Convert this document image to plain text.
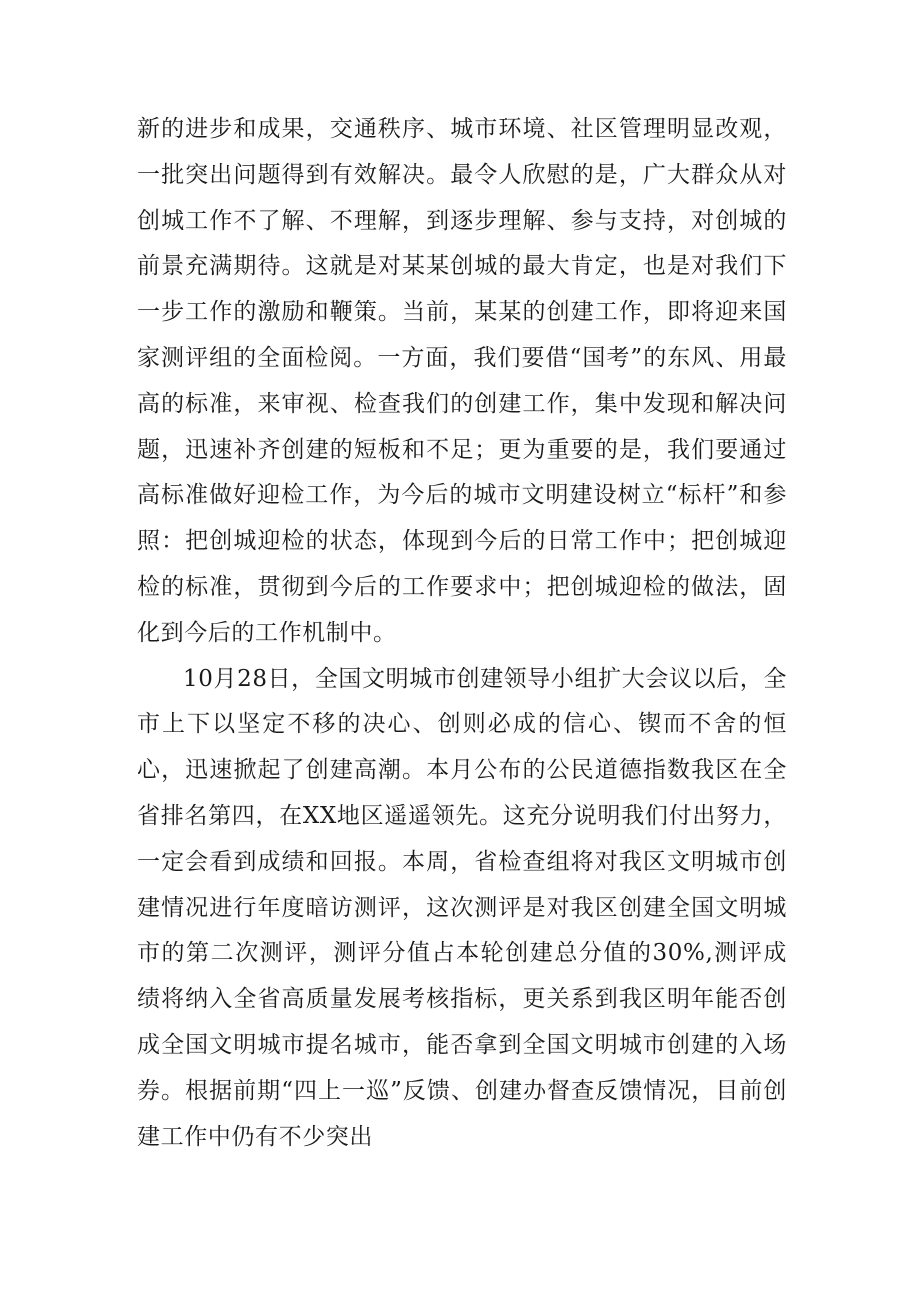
新的进步和成果，交通秩序、城市环境、社区管理明显改观，一批突出问题得到有效解决。最令人欣慰的是，广大群众从对创城工作不了解、不理解，到逐步理解、参与支持，对创城的前景充满期待。这就是对某某创城的最大肯定，也是对我们下一步工作的激励和鞭策。当前，某某的创建工作，即将迎来国家测评组的全面检阅。一方面，我们要借“国考”的东风、用最高的标准，来审视、检查我们的创建工作，集中发现和解决问题，迅速补齐创建的短板和不足；更为重要的是，我们要通过高标准做好迎检工作，为今后的城市文明建设树立“标杆”和参照：把创城迎检的状态，体现到今后的日常工作中；把创城迎检的标准，贯彻到今后的工作要求中；把创城迎检的做法，固化到今后的工作机制中。

10月28日，全国文明城市创建领导小组扩大会议以后，全市上下以坚定不移的决心、创则必成的信心、锲而不舍的恒心，迅速掀起了创建高潮。本月公布的公民道德指数我区在全省排名第四，在XX地区遥遥领先。这充分说明我们付出努力，一定会看到成绩和回报。本周，省检查组将对我区文明城市创建情况进行年度暗访测评，这次测评是对我区创建全国文明城市的第二次测评，测评分值占本轮创建总分值的30%,测评成绩将纳入全省高质量发展考核指标，更关系到我区明年能否创成全国文明城市提名城市，能否拿到全国文明城市创建的入场券。根据前期“四上一巡”反馈、创建办督查反馈情况，目前创建工作中仍有不少突出
